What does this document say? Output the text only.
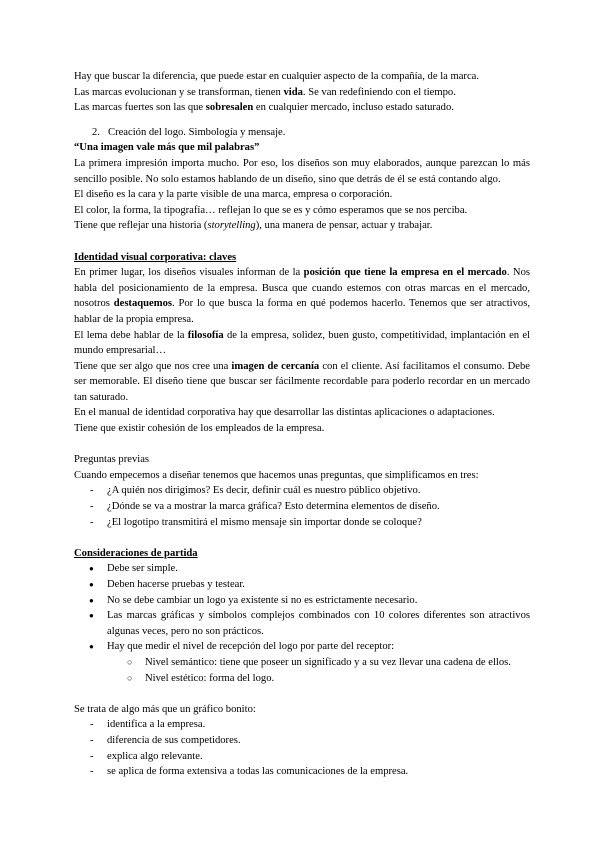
Hay que buscar la diferencia, que puede estar en cualquier aspecto de la compañía, de la marca.

Las marcas evolucionan y se transforman, tienen vida. Se van redefiniendo con el tiempo.

Las marcas fuertes son las que sobresalen en cualquier mercado, incluso estado saturado.

2. Creación del logo. Simbología y mensaje.

“Una imagen vale más que mil palabras”

La primera impresión importa mucho. Por eso, los diseños son muy elaborados, aunque parezcan lo más sencillo posible. No solo estamos hablando de un diseño, sino que detrás de él se está contando algo.

El diseño es la cara y la parte visible de una marca, empresa o corporación.

El color, la forma, la tipografía… reflejan lo que se es y cómo esperamos que se nos perciba.

Tiene que reflejar una historia (storytelling), una manera de pensar, actuar y trabajar.

Identidad visual corporativa: claves

En primer lugar, los diseños visuales informan de la posición que tiene la empresa en el mercado. Nos habla del posicionamiento de la empresa. Busca que cuando estemos con otras marcas en el mercado, nosotros destaquemos. Por lo que busca la forma en qué podemos hacerlo. Tenemos que ser atractivos, hablar de la propia empresa.

El lema debe hablar de la filosofía de la empresa, solidez, buen gusto, competitividad, implantación en el mundo empresarial…

Tiene que ser algo que nos cree una imagen de cercanía con el cliente. Así facilitamos el consumo. Debe ser memorable. El diseño tiene que buscar ser fácilmente recordable para poderlo recordar en un mercado tan saturado.

En el manual de identidad corporativa hay que desarrollar las distintas aplicaciones o adaptaciones.

Tiene que existir cohesión de los empleados de la empresa.

Preguntas previas

Cuando empecemos a diseñar tenemos que hacemos unas preguntas, que simplificamos en tres:

- ¿A quién nos dirigimos? Es decir, definir cuál es nuestro público objetivo.

- ¿Dónde se va a mostrar la marca gráfica? Esto determina elementos de diseño.

- ¿El logotipo transmitirá el mismo mensaje sin importar donde se coloque?

Consideraciones de partida

● Debe ser simple.

● Deben hacerse pruebas y testear.

● No se debe cambiar un logo ya existente si no es estrictamente necesario.

● Las marcas gráficas y símbolos complejos combinados con 10 colores diferentes son atractivos algunas veces, pero no son prácticos.

● Hay que medir el nivel de recepción del logo por parte del receptor:

○ Nivel semántico: tiene que poseer un significado y a su vez llevar una cadena de ellos.

○ Nivel estético: forma del logo.

Se trata de algo más que un gráfico bonito:

- identifica a la empresa.

- diferencia de sus competidores.

- explica algo relevante.

- se aplica de forma extensiva a todas las comunicaciones de la empresa.
